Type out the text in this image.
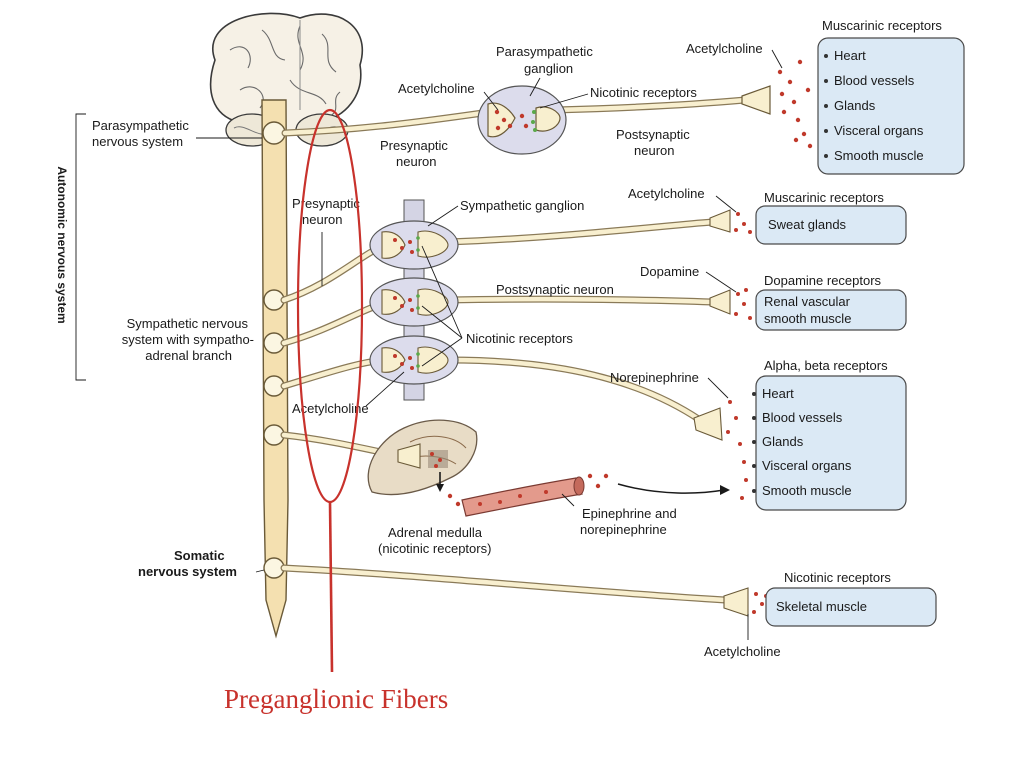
Muscarinic receptors
Heart
Blood vessels
Glands
Visceral organs
Smooth muscle
Muscarinic receptors
Sweat glands
Dopamine receptors
Renal vascular
smooth muscle
Alpha, beta receptors
Heart
Blood vessels
Glands
Visceral organs
Smooth muscle
Nicotinic receptors
Skeletal muscle
Autonomic nervous system
Parasympathetic
nervous system
Sympathetic nervous
system with sympatho-
adrenal branch
Somatic
nervous system
Parasympathetic
ganglion
Acetylcholine	Nicotinic receptors
Acetylcholine
Presynaptic
neuron
Postsynaptic
neuron
Presynaptic
neuron
Sympathetic ganglion
Acetylcholine
Dopamine
Postsynaptic neuron
Nicotinic receptors
Norepinephrine
Acetylcholine
Adrenal medulla
(nicotinic receptors)
Epinephrine and
norepinephrine
Acetylcholine
Preganglionic Fibers
